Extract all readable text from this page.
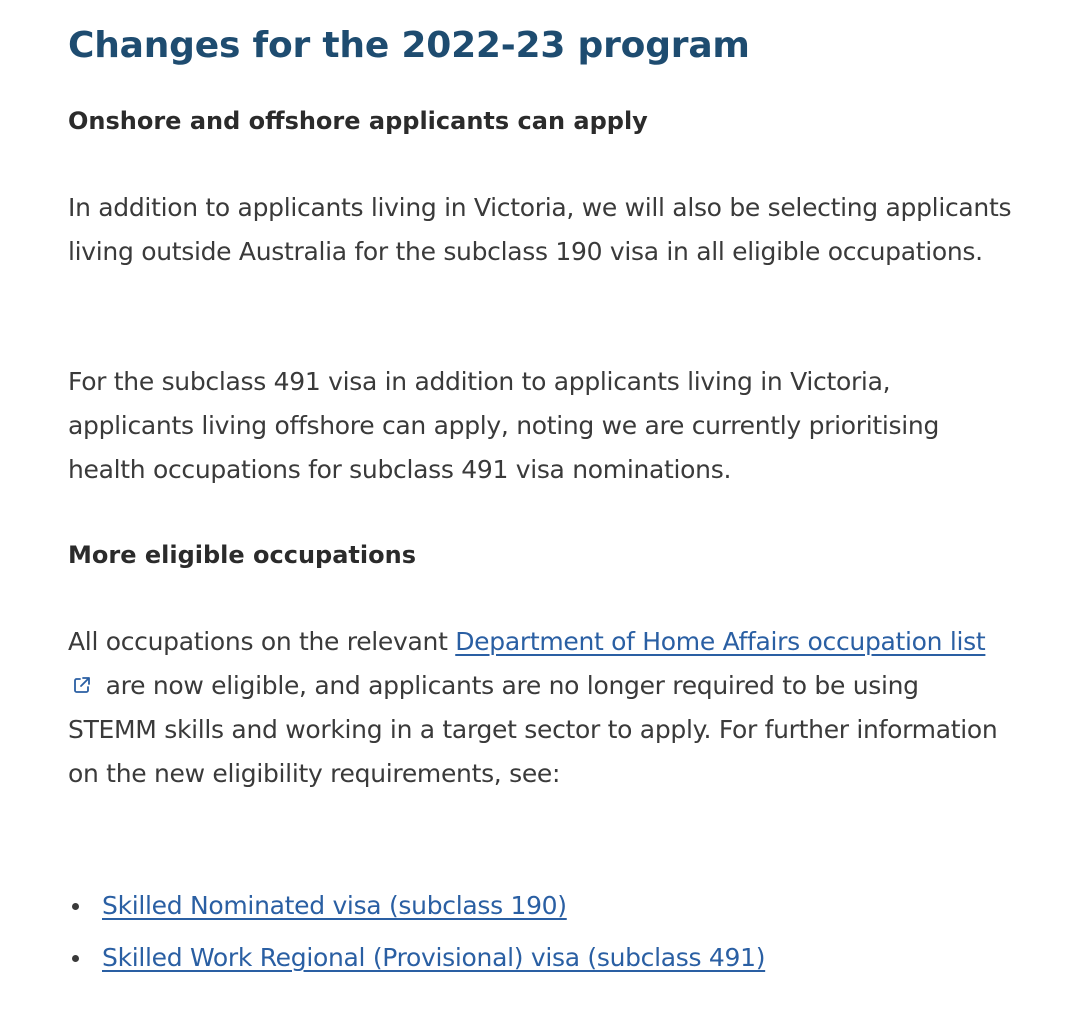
Changes for the 2022-23 program
Onshore and offshore applicants can apply

In addition to applicants living in Victoria, we will also be selecting applicants living outside Australia for the subclass 190 visa in all eligible occupations.

For the subclass 491 visa in addition to applicants living in Victoria, applicants living offshore can apply, noting we are currently prioritising health occupations for subclass 491 visa nominations.

More eligible occupations

All occupations on the relevant Department of Home Affairs occupation list are now eligible, and applicants are no longer required to be using STEMM skills and working in a target sector to apply. For further information on the new eligibility requirements, see:

Skilled Nominated visa (subclass 190)
Skilled Work Regional (Provisional) visa (subclass 491)
